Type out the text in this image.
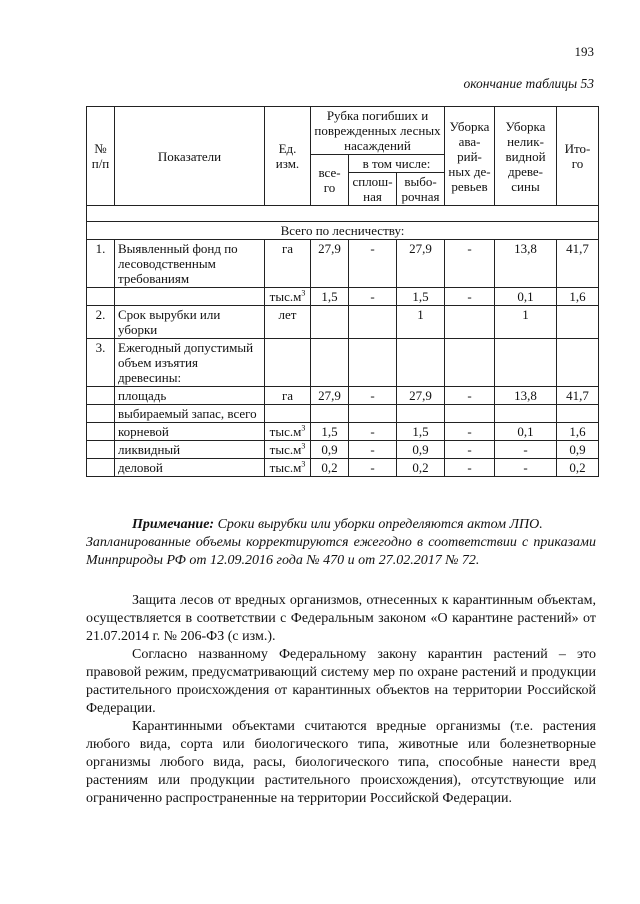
193
окончание таблицы 53
№ п/п	Показатели	Ед. изм.	Рубка погибших и поврежденных лесных насаждений			Уборка ава-рий-ных де-ревьев	Уборка нелик-видной древе-сины	Ито-го
			все-го	в том числе:				
				сплош-ная	выбо-рочная			

Всего по лесничеству:								
1.	Выявленный фонд по лесоводственным требованиям	га	27,9	-	27,9	-	13,8	41,7
		$тыс.м^3$	1,5	-	1,5	-	0,1	1,6
2.	Срок вырубки или уборки	лет			1		1	
3.	Ежегодный допустимый объем изъятия древесины:							
	площадь	га	27,9	-	27,9	-	13,8	41,7
	выбираемый запас, всего							
	корневой	$тыс.м^3$	1,5	-	1,5	-	0,1	1,6
	ликвидный	$тыс.м^3$	0,9	-	0,9	-	-	0,9
	деловой	$тыс.м^3$	0,2	-	0,2	-	-	0,2
Примечание: Сроки вырубки или уборки определяются актом ЛПО.
Запланированные объемы корректируются ежегодно в соответствии с приказами Минприроды РФ от 12.09.2016 года № 470 и от 27.02.2017 № 72.
Защита лесов от вредных организмов, отнесенных к карантинным объектам, осуществляется в соответствии с Федеральным законом «О карантине растений» от 21.07.2014 г. № 206-ФЗ (с изм.).
Согласно названному Федеральному закону карантин растений – это правовой режим, предусматривающий систему мер по охране растений и продукции растительного происхождения от карантинных объектов на территории Российской Федерации.
Карантинными объектами считаются вредные организмы (т.е. растения любого вида, сорта или биологического типа, животные или болезнетворные организмы любого вида, расы, биологического типа, способные нанести вред растениям или продукции растительного происхождения), отсутствующие или ограниченно распространенные на территории Российской Федерации.
